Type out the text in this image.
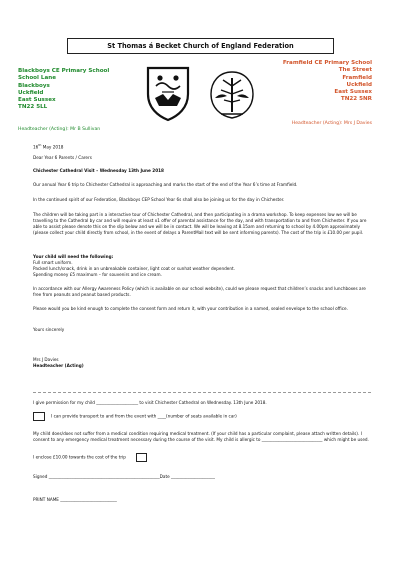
St Thomas á Becket Church of England Federation
Blackboys CE Primary School
School Lane
Blackboys
Uckfield
East Sussex
TN22 5LL
Headteacher (Acting): Mr B Sullivan
Framfield CE Primary School
The Street
Framfield
Uckfield
East Sussex
TN22 5NR
Headteacher (Acting): Mrs J Davies
16th May 2018
Dear Year 6 Parents / Carers
Chichester Cathedral Visit – Wednesday 13th June 2018
Our annual Year 6 trip to Chichester Cathedral is approaching and marks the start of the end of the Year 6’s time at Framfield.
In the continued spirit of our Federation, Blackboys CEP School Year 6s shall also be joining us for the day in Chichester.
The children will be taking part in a interactive tour of Chichester Cathedral, and then participating in a drama workshop. To keep expenses low we will be travelling to the Cathedral by car and will require at least x1 offer of parental assistance for the day, and with transportation to and from Chichester. If you are able to assist please denote this on the slip below and we will be in contact. We will be leaving at 8.15am and returning to school by 4.00pm approximately (please collect your child directly from school, in the event of delays a ParentMail text will be sent informing parents). The cost of the trip is £10.00 per pupil.
Your child will need the following:
Full smart uniform.
Packed lunch/snack, drink in an unbreakable container, light coat or sunhat weather dependent.
Spending money £5 maximum – for souvenirs and ice cream.
In accordance with our Allergy Awareness Policy (which is available on our school website), could we please request that children’s snacks and lunchboxes are free from peanuts and peanut based products.
Please would you be kind enough to complete the consent form and return it, with your contribution in a named, sealed envelope to the school office.
Yours sincerely
Mrs J Davies
Headteacher (Acting)
I give permission for my child ____________________ to visit Chichester Cathedral on Wednesday. 13th June 2018.
I can provide transport to and from the event with ____(number of seats available in car)
My child does/does not suffer from a medical condition requiring medical treatment. (If your child has a particular complaint, please attach written details). I consent to any emergency medical treatment necessary during the course of the visit. My child is allergic to _____________________________ which might be used.
I enclose £10.00 towards the cost of the trip
Signed _____________________________________________________Date _____________________
PRINT NAME ___________________________
